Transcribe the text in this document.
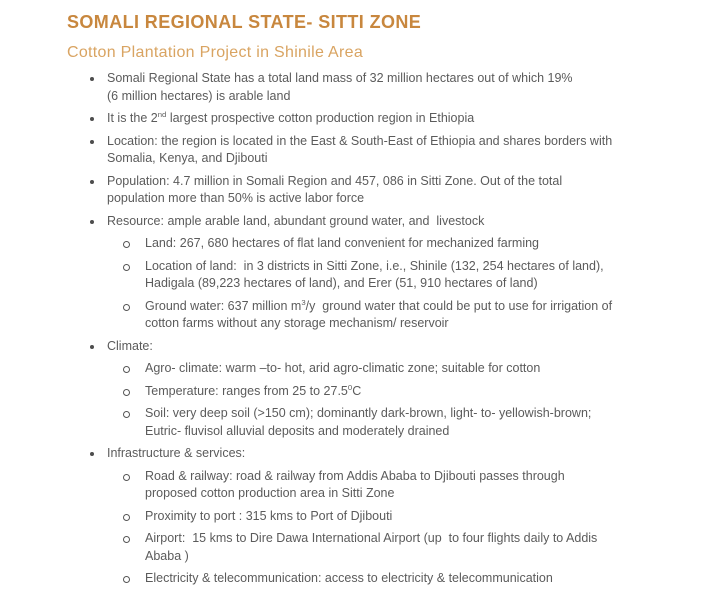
SOMALI REGIONAL STATE- SITTI ZONE
Cotton Plantation Project in Shinile Area
Somali Regional State has a total land mass of 32 million hectares out of which 19%
(6 million hectares) is arable land
It is the 2nd largest prospective cotton production region in Ethiopia
Location: the region is located in the East & South-East of Ethiopia and shares borders with
Somalia, Kenya, and Djibouti
Population: 4.7 million in Somali Region and 457, 086 in Sitti Zone. Out of the total
population more than 50% is active labor force
Resource: ample arable land, abundant ground water, and  livestock
Land: 267, 680 hectares of flat land convenient for mechanized farming
Location of land:  in 3 districts in Sitti Zone, i.e., Shinile (132, 254 hectares of land),
Hadigala (89,223 hectares of land), and Erer (51, 910 hectares of land)
Ground water: 637 million $m^3/y$  ground water that could be put to use for irrigation of
cotton farms without any storage mechanism/ reservoir
Climate:
Agro- climate: warm –to- hot, arid agro-climatic zone; suitable for cotton
Temperature: ranges from 25 to 27.5$^0$C
Soil: very deep soil (>150 cm); dominantly dark-brown, light- to- yellowish-brown;
Eutric- fluvisol alluvial deposits and moderately drained
Infrastructure & services:
Road & railway: road & railway from Addis Ababa to Djibouti passes through
proposed cotton production area in Sitti Zone
Proximity to port : 315 kms to Port of Djibouti
Airport:  15 kms to Dire Dawa International Airport (up  to four flights daily to Addis
Ababa )
Electricity & telecommunication: access to electricity & telecommunication
